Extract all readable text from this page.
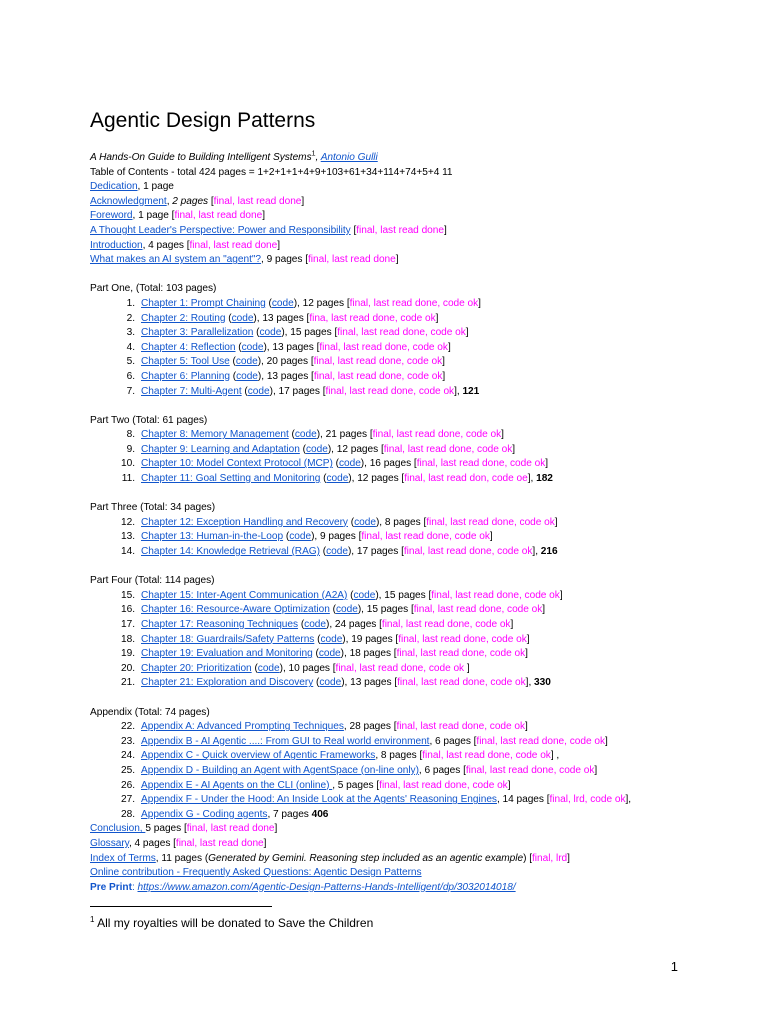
Agentic Design Patterns
A Hands-On Guide to Building Intelligent Systems$^1$, Antonio Gulli
Table of Contents - total 424 pages = 1+2+1+1+4+9+103+61+34+114+74+5+4 11
Dedication, 1 page
Acknowledgment, 2 pages [final, last read done]
Foreword, 1 page [final, last read done]
A Thought Leader's Perspective: Power and Responsibility [final, last read done]
Introduction, 4 pages [final, last read done]
What makes an AI system an "agent"?, 9 pages [final, last read done]
Part One, (Total: 103 pages)
1. Chapter 1: Prompt Chaining (code), 12 pages [final, last read done, code ok]
2. Chapter 2: Routing (code), 13 pages [fina, last read done, code ok]
3. Chapter 3: Parallelization (code), 15 pages [final, last read done, code ok]
4. Chapter 4: Reflection (code), 13 pages [final, last read done, code ok]
5. Chapter 5: Tool Use (code), 20 pages [final, last read done, code ok]
6. Chapter 6: Planning (code), 13 pages [final, last read done, code ok]
7. Chapter 7: Multi-Agent (code), 17 pages [final, last read done, code ok], 121
Part Two (Total: 61 pages)
8. Chapter 8: Memory Management (code), 21 pages [final, last read done, code ok]
9. Chapter 9: Learning and Adaptation (code), 12 pages [final, last read done, code ok]
10. Chapter 10: Model Context Protocol (MCP) (code), 16 pages [final, last read done, code ok]
11. Chapter 11: Goal Setting and Monitoring (code), 12 pages [final, last read don, code oe], 182
Part Three (Total: 34 pages)
12. Chapter 12: Exception Handling and Recovery (code), 8 pages [final, last read done, code ok]
13. Chapter 13: Human-in-the-Loop (code), 9 pages [final, last read done, code ok]
14. Chapter 14: Knowledge Retrieval (RAG) (code), 17 pages [final, last read done, code ok], 216
Part Four (Total: 114 pages)
15. Chapter 15: Inter-Agent Communication (A2A) (code), 15 pages [final, last read done, code ok]
16. Chapter 16: Resource-Aware Optimization (code), 15 pages [final, last read done, code ok]
17. Chapter 17: Reasoning Techniques (code), 24 pages [final, last read done, code ok]
18. Chapter 18: Guardrails/Safety Patterns (code), 19 pages [final, last read done, code ok]
19. Chapter 19: Evaluation and Monitoring (code), 18 pages [final, last read done, code ok]
20. Chapter 20: Prioritization (code), 10 pages [final, last read done, code ok ]
21. Chapter 21: Exploration and Discovery (code), 13 pages [final, last read done, code ok], 330
Appendix (Total: 74 pages)
22. Appendix A: Advanced Prompting Techniques, 28 pages [final, last read done, code ok]
23. Appendix B - AI Agentic ....: From GUI to Real world environment, 6 pages [final, last read done, code ok]
24. Appendix C - Quick overview of Agentic Frameworks, 8 pages [final, last read done, code ok] ,
25. Appendix D - Building an Agent with AgentSpace (on-line only), 6 pages [final, last read done, code ok]
26. Appendix E - AI Agents on the CLI (online) , 5 pages [final, last read done, code ok]
27. Appendix F - Under the Hood: An Inside Look at the Agents' Reasoning Engines, 14 pages [final, lrd, code ok],
28. Appendix G - Coding agents, 7 pages 406
Conclusion, 5 pages [final, last read done]
Glossary, 4 pages [final, last read done]
Index of Terms, 11 pages (Generated by Gemini. Reasoning step included as an agentic example) [final, lrd]
Online contribution - Frequently Asked Questions: Agentic Design Patterns
Pre Print: https://www.amazon.com/Agentic-Design-Patterns-Hands-Intelligent/dp/3032014018/
$^1$ All my royalties will be donated to Save the Children
1
